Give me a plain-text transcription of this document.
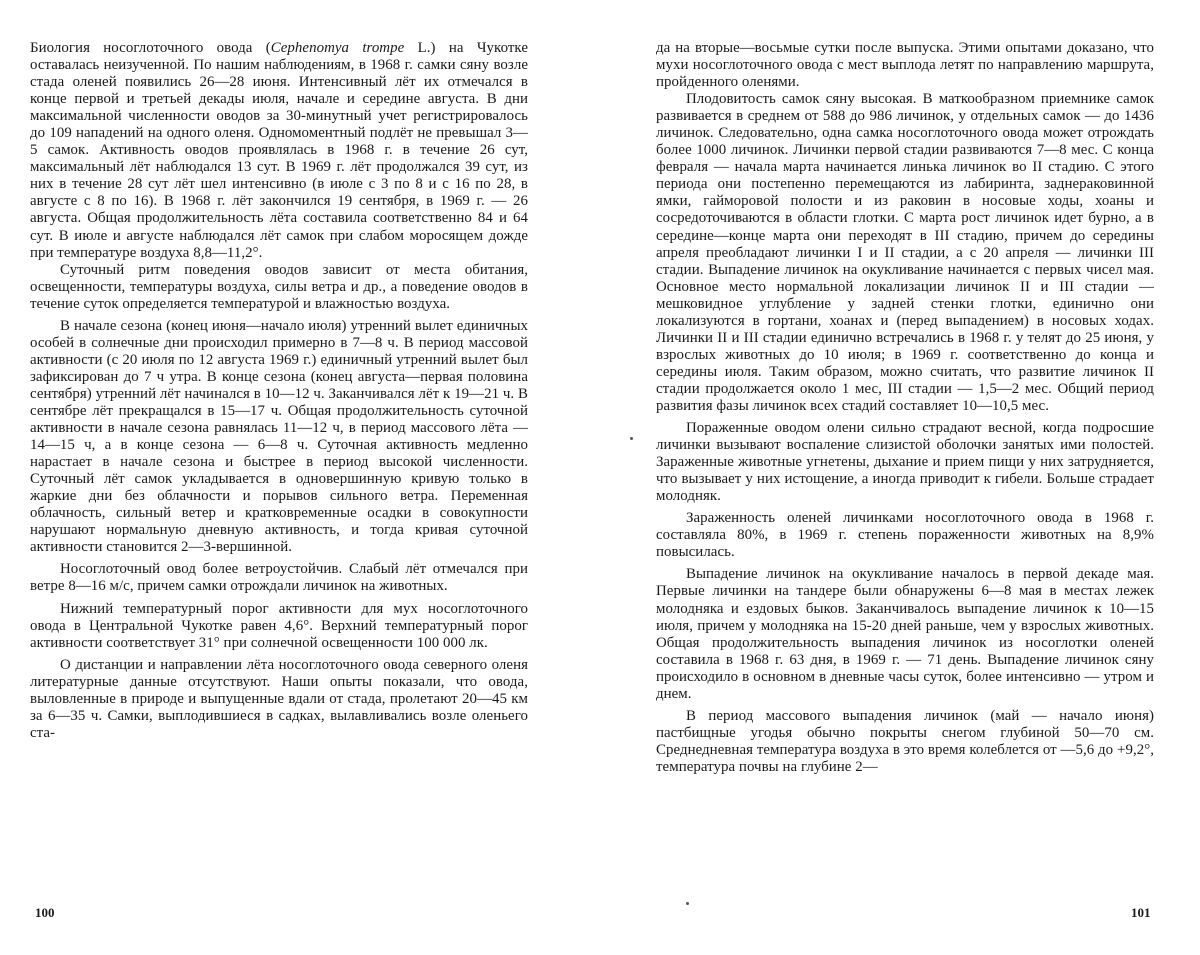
Биология носоглоточного овода (Cephenomya trompe L.) на Чукотке оставалась неизученной. По нашим наблюдениям, в 1968 г. самки сяну возле стада оленей появились 26—28 июня. Интенсивный лёт их отмечался в конце первой и третьей декады июля, начале и середине августа. В дни максимальной численности оводов за 30-минутный учет регистрировалось до 109 нападений на одного оленя. Одномоментный подлёт не превышал 3—5 самок. Активность оводов проявлялась в 1968 г. в течение 26 сут, максимальный лёт наблюдался 13 сут. В 1969 г. лёт продолжался 39 сут, из них в течение 28 сут лёт шел интенсивно (в июле с 3 по 8 и с 16 по 28, в августе с 8 по 16). В 1968 г. лёт закончился 19 сентября, в 1969 г. — 26 августа. Общая продолжительность лёта составила соответственно 84 и 64 сут. В июле и августе наблюдался лёт самок при слабом моросящем дожде при температуре воздуха 8,8—11,2°.

Суточный ритм поведения оводов зависит от места обитания, освещенности, температуры воздуха, силы ветра и др., а поведение оводов в течение суток определяется температурой и влажностью воздуха.

В начале сезона (конец июня—начало июля) утренний вылет единичных особей в солнечные дни происходил примерно в 7—8 ч. В период массовой активности (с 20 июля по 12 августа 1969 г.) единичный утренний вылет был зафиксирован до 7 ч утра. В конце сезона (конец августа—первая половина сентября) утренний лёт начинался в 10—12 ч. Заканчивался лёт к 19—21 ч. В сентябре лёт прекращался в 15—17 ч. Общая продолжительность суточной активности в начале сезона равнялась 11—12 ч, в период массового лёта — 14—15 ч, а в конце сезона — 6—8 ч. Суточная активность медленно нарастает в начале сезона и быстрее в период высокой численности. Суточный лёт самок укладывается в одновершинную кривую только в жаркие дни без облачности и порывов сильного ветра. Переменная облачность, сильный ветер и кратковременные осадки в совокупности нарушают нормальную дневную активность, и тогда кривая суточной активности становится 2—3-вершинной.

Носоглоточный овод более ветроустойчив. Слабый лёт отмечался при ветре 8—16 м/с, причем самки отрождали личинок на животных.

Нижний температурный порог активности для мух носоглоточного овода в Центральной Чукотке равен 4,6°. Верхний температурный порог активности соответствует 31° при солнечной освещенности 100 000 лк.

О дистанции и направлении лёта носоглоточного овода северного оленя литературные данные отсутствуют. Наши опыты показали, что овода, выловленные в природе и выпущенные вдали от стада, пролетают 20—45 км за 6—35 ч. Самки, выплодившиеся в садках, вылавливались возле оленьего ста-

100

да на вторые—восьмые сутки после выпуска. Этими опытами доказано, что мухи носоглоточного овода с мест выплода летят по направлению маршрута, пройденного оленями.

Плодовитость самок сяну высокая. В маткообразном приемнике самок развивается в среднем от 588 до 986 личинок, у отдельных самок — до 1436 личинок. Следовательно, одна самка носоглоточного овода может отрождать более 1000 личинок. Личинки первой стадии развиваются 7—8 мес. С конца февраля — начала марта начинается линька личинок во II стадию. С этого периода они постепенно перемещаются из лабиринта, заднераковинной ямки, гайморовой полости и из раковин в носовые ходы, хоаны и сосредоточиваются в области глотки. С марта рост личинок идет бурно, а в середине—конце марта они переходят в III стадию, причем до середины апреля преобладают личинки I и II стадии, а с 20 апреля — личинки III стадии. Выпадение личинок на окукливание начинается с первых чисел мая. Основное место нормальной локализации личинок II и III стадии — мешковидное углубление у задней стенки глотки, единично они локализуются в гортани, хоанах и (перед выпадением) в носовых ходах. Личинки II и III стадии единично встречались в 1968 г. у телят до 25 июня, у взрослых животных до 10 июля; в 1969 г. соответственно до конца и середины июля. Таким образом, можно считать, что развитие личинок II стадии продолжается около 1 мес, III стадии — 1,5—2 мес. Общий период развития фазы личинок всех стадий составляет 10—10,5 мес.

Пораженные оводом олени сильно страдают весной, когда подросшие личинки вызывают воспаление слизистой оболочки занятых ими полостей. Зараженные животные угнетены, дыхание и прием пищи у них затрудняется, что вызывает у них истощение, а иногда приводит к гибели. Больше страдает молодняк.

Зараженность оленей личинками носоглоточного овода в 1968 г. составляла 80%, в 1969 г. степень пораженности животных на 8,9% повысилась.

Выпадение личинок на окукливание началось в первой декаде мая. Первые личинки на тандере были обнаружены 6—8 мая в местах лежек молодняка и ездовых быков. Заканчивалось выпадение личинок к 10—15 июля, причем у молодняка на 15-20 дней раньше, чем у взрослых животных. Общая продолжительность выпадения личинок из носоглотки оленей составила в 1968 г. 63 дня, в 1969 г. — 71 день. Выпадение личинок сяну происходило в основном в дневные часы суток, более интенсивно — утром и днем.

В период массового выпадения личинок (май — начало июня) пастбищные угодья обычно покрыты снегом глубиной 50—70 см. Среднедневная температура воздуха в это время колеблется от —5,6 до +9,2°, температура почвы на глубине 2—

101
